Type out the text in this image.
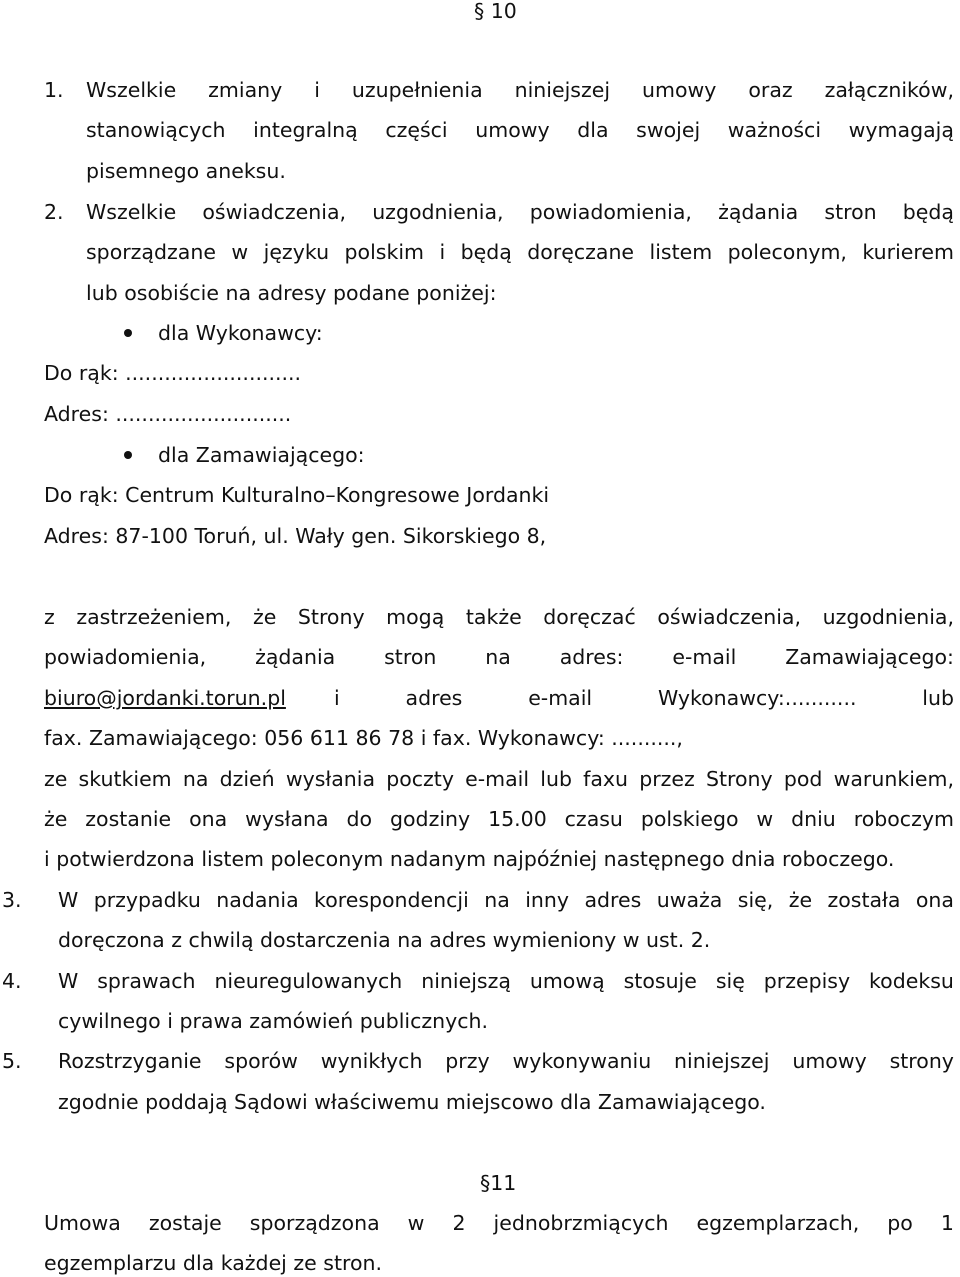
§ 10
1. Wszelkie zmiany i uzupełnienia niniejszej umowy oraz załączników,
stanowiących integralną części umowy dla swojej ważności wymagają
pisemnego aneksu.
2. Wszelkie oświadczenia, uzgodnienia, powiadomienia, żądania stron będą
sporządzane w języku polskim i będą doręczane listem poleconym, kurierem
lub osobiście na adresy podane poniżej:
dla Wykonawcy:
Do rąk: ...........................
Adres: ...........................
dla Zamawiającego:
Do rąk: Centrum Kulturalno–Kongresowe Jordanki
Adres: 87-100 Toruń, ul. Wały gen. Sikorskiego 8,
z zastrzeżeniem, że Strony mogą także doręczać oświadczenia, uzgodnienia,
powiadomienia, żądania stron na adres: e-mail Zamawiającego:
biuro@jordanki.torun.pl i	adres	e-mail	Wykonawcy:...........	lub
fax. Zamawiającego: 056 611 86 78 i fax. Wykonawcy: ..........,
ze skutkiem na dzień wysłania poczty e-mail lub faxu przez Strony pod warunkiem,
że zostanie ona wysłana do godziny 15.00 czasu polskiego w dniu roboczym
i potwierdzona listem poleconym nadanym najpóźniej następnego dnia roboczego.
3. W przypadku nadania korespondencji na inny adres uważa się, że została ona
doręczona z chwilą dostarczenia na adres wymieniony w ust. 2.
4. W sprawach nieuregulowanych niniejszą umową stosuje się przepisy kodeksu
cywilnego i prawa zamówień publicznych.
5. Rozstrzyganie sporów wynikłych przy wykonywaniu niniejszej umowy strony
zgodnie poddają Sądowi właściwemu miejscowo dla Zamawiającego.
§11
Umowa zostaje sporządzona w 2 jednobrzmiących egzemplarzach, po 1
egzemplarzu dla każdej ze stron.
